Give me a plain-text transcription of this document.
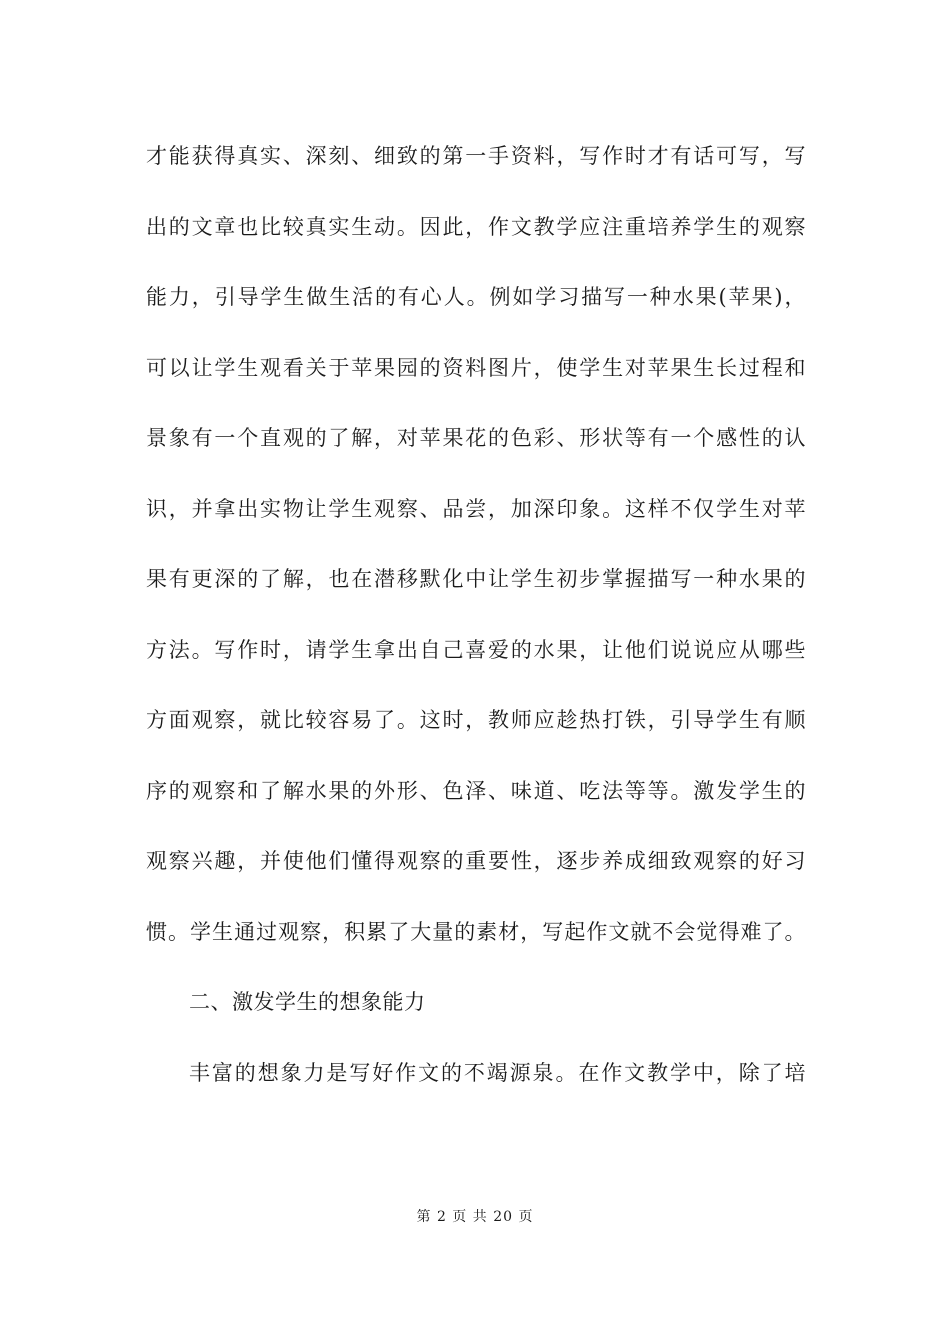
才能获得真实、深刻、细致的第一手资料，写作时才有话可写，写
出的文章也比较真实生动。因此，作文教学应注重培养学生的观察
能力，引导学生做生活的有心人。例如学习描写一种水果(苹果)，
可以让学生观看关于苹果园的资料图片，使学生对苹果生长过程和
景象有一个直观的了解，对苹果花的色彩、形状等有一个感性的认
识，并拿出实物让学生观察、品尝，加深印象。这样不仅学生对苹
果有更深的了解，也在潜移默化中让学生初步掌握描写一种水果的
方法。写作时，请学生拿出自己喜爱的水果，让他们说说应从哪些
方面观察，就比较容易了。这时，教师应趁热打铁，引导学生有顺
序的观察和了解水果的外形、色泽、味道、吃法等等。激发学生的
观察兴趣，并使他们懂得观察的重要性，逐步养成细致观察的好习
惯。学生通过观察，积累了大量的素材，写起作文就不会觉得难了。
二、激发学生的想象能力
丰富的想象力是写好作文的不竭源泉。在作文教学中，除了培
第 2 页 共 20 页
